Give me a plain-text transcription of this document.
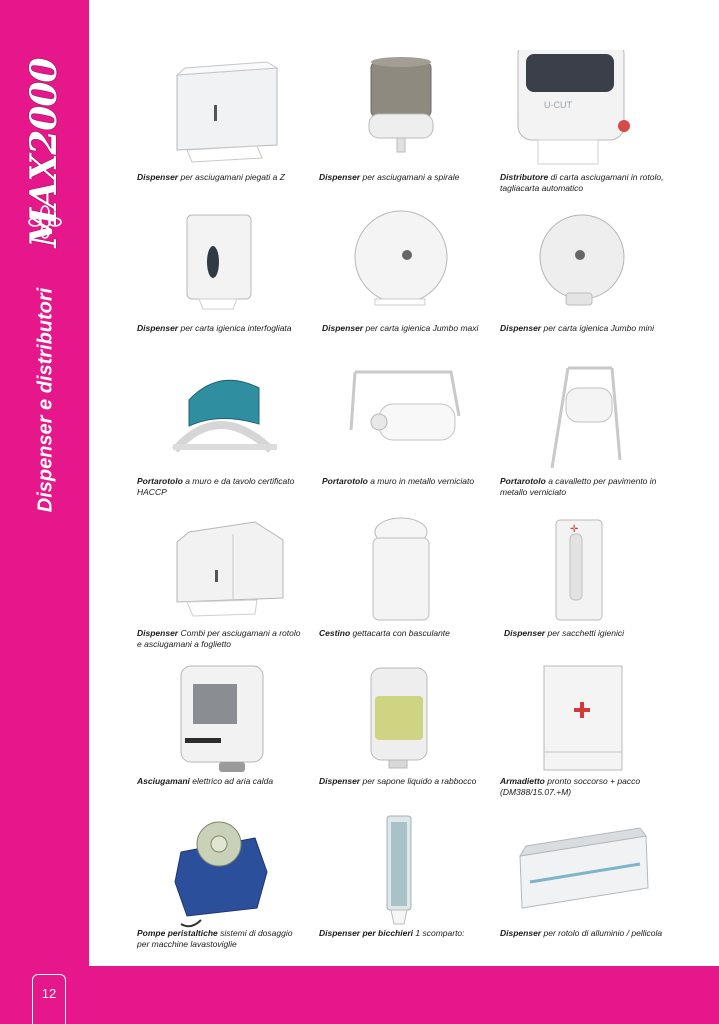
MAX2000
Dispenser e distributori
12
Dispenser per asciugamani piegati a Z	Dispenser per asciugamani a spirale
U-CUT
Distributore di carta asciugamani in rotolo, tagliacarta automatico
Dispenser per carta igienica interfogliata	Dispenser per carta igienica Jumbo maxi	Dispenser per carta igienica Jumbo mini
Portarotolo a muro e da tavolo certificato HACCP
Portarotolo a muro in metallo verniciato	Portarotolo a cavalletto per pavimento in metallo verniciato
Dispenser Combi per asciugamani a rotolo e asciugamani a foglietto
Cestino gettacarta con basculante
✛
Dispenser per sacchetti igienici
Asciugamani elettrico ad aria calda	Dispenser per sapone liquido a rabbocco	Armadietto pronto soccorso + pacco (DM388/15.07.+M)
Pompe peristaltiche sistemi di dosaggio per macchine lavastoviglie
Dispenser per bicchieri 1 scomparto:	Dispenser per rotolo di alluminio / pellicola
